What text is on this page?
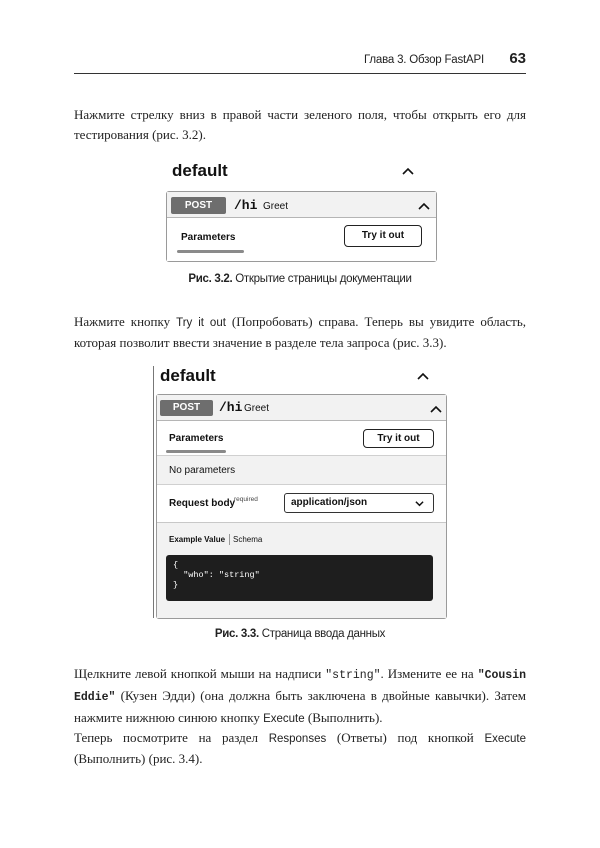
Глава 3. Обзор FastAPI 63

Нажмите стрелку вниз в правой части зеленого поля, чтобы открыть его для тестирования (рис. 3.2).

default
POST	/hi Greet
Parameters	Try it out
Рис. 3.2. Открытие страницы документации

Нажмите кнопку Try it out (Попробовать) справа. Теперь вы увидите область, которая позволит ввести значение в разделе тела запроса (рис. 3.3).

default
POST	/hi Greet
Parameters	Try it out
No parameters
Request body
required	application/json
Example Value Schema
{
"who": "string"
}
Рис. 3.3. Страница ввода данных

Щелкните левой кнопкой мыши на надписи "string". Измените ее на "Cousin Eddie" (Кузен Эдди) (она должна быть заключена в двойные кавычки). Затем нажмите нижнюю синюю кнопку Execute (Выполнить).

Теперь посмотрите на раздел Responses (Ответы) под кнопкой Execute (Выполнить) (рис. 3.4).
